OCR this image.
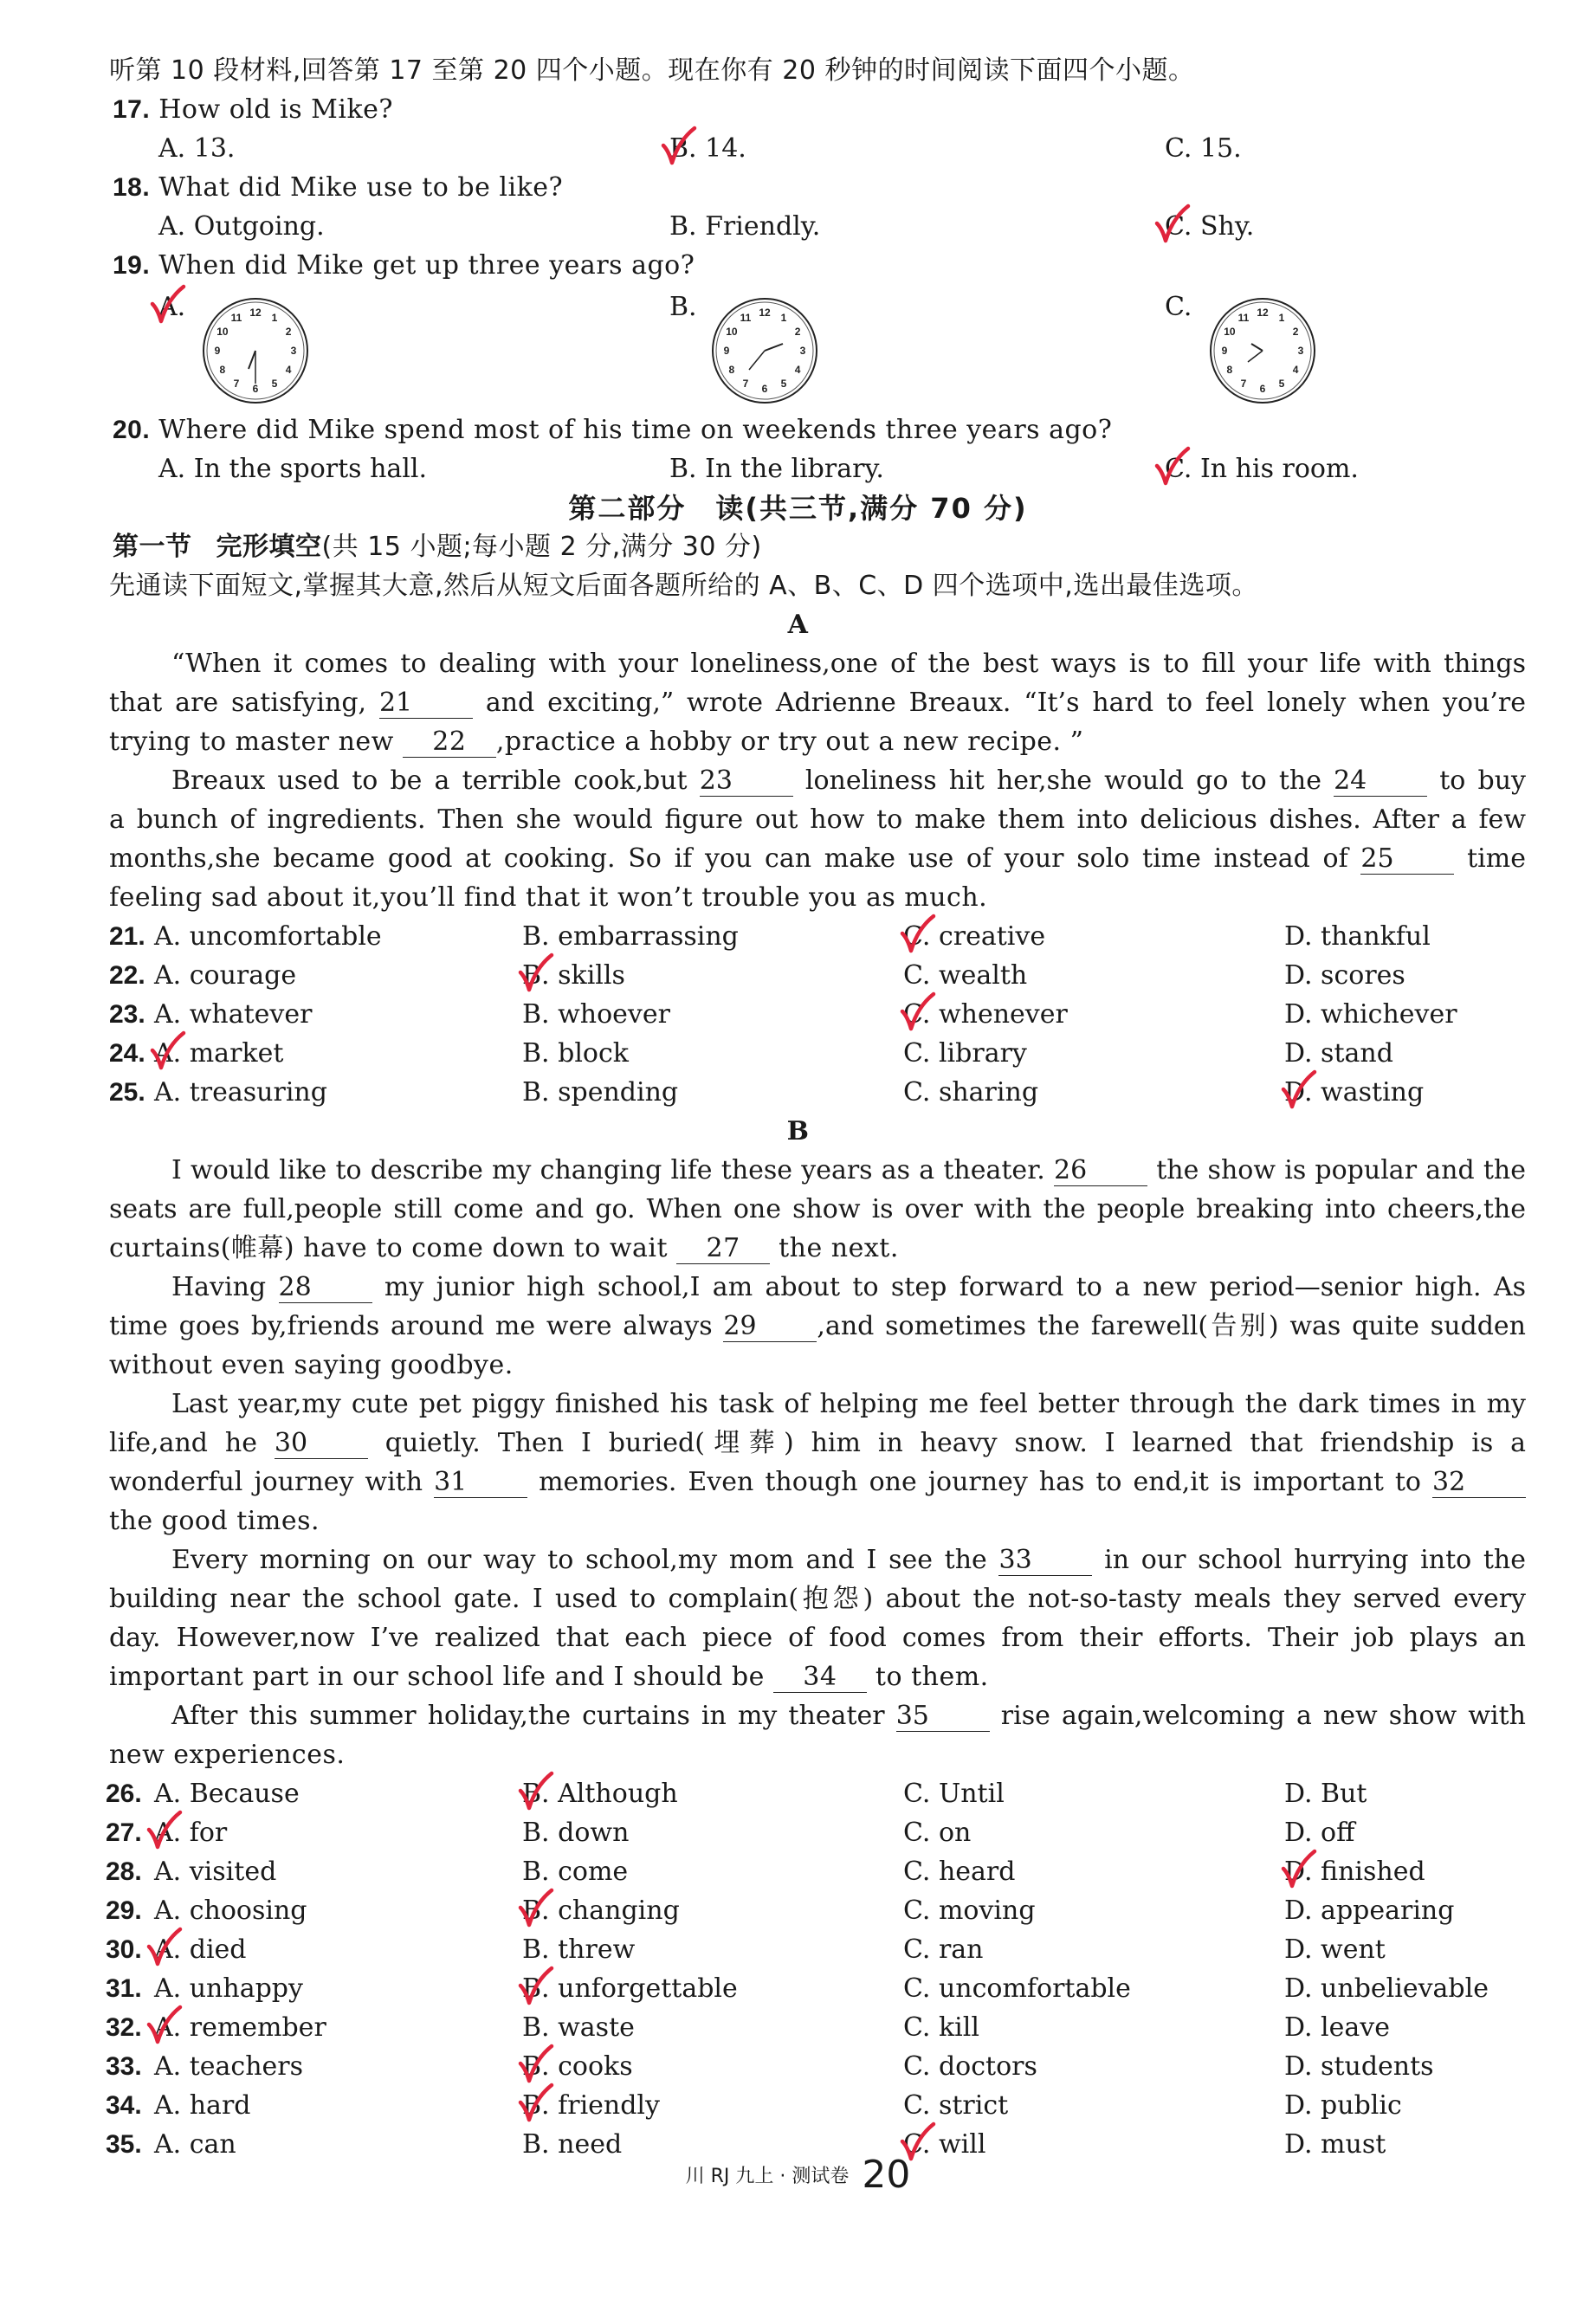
听第 10 段材料,回答第 17 至第 20 四个小题。现在你有 20 秒钟的时间阅读下面四个小题。
17. How old is Mike?
A. 13.	B. 14.	C. 15.
18. What did Mike use to be like?
A. Outgoing.	B. Friendly.	C. Shy.
19. When did Mike get up three years ago?
A.	B.	C.
12 1
2
3
4
5
6
7
8
9
10
11	12 1
2
3
4
5
6
7
8
9
10
11	12 1
2
3
4
5
6
7
8
9
10
11
20. Where did Mike spend most of his time on weekends three years ago?
A. In the sports hall.	B. In the library.	C. In his room.
第二部分　读(共三节,满分 70 分)
第一节 完形填空(共 15 小题;每小题 2 分,满分 30 分)
先通读下面短文,掌握其大意,然后从短文后面各题所给的 A、B、C、D 四个选项中,选出最佳选项。
A
“When it comes to dealing with your loneliness,one of the best ways is to fill your life with things
that are satisfying, 21	and exciting,” wrote Adrienne Breaux. “It’s hard to feel lonely when you’re
trying to master new 22 ,practice a hobby or try out a new recipe. ”
Breaux used to be a terrible cook,but 23	loneliness hit her,she would go to the 24	to buy
a bunch of ingredients. Then she would figure out how to make them into delicious dishes. After a few
months,she became good at cooking. So if you can make use of your solo time instead of 25	time
feeling sad about it,you’ll find that it won’t trouble you as much.
21. A. uncomfortable	B. embarrassing	C. creative	D. thankful
22. A. courage	B. skills	C. wealth	D. scores
23. A. whatever	B. whoever	C. whenever	D. whichever
24. A. market	B. block	C. library	D. stand
25. A. treasuring	B. spending	C. sharing	D. wasting
B
I would like to describe my changing life these years as a theater. 26	the show is popular and the
seats are full,people still come and go. When one show is over with the people breaking into cheers,the
curtains(帷幕) have to come down to wait 27 the next.
Having 28	my junior high school,I am about to step forward to a new period—senior high. As
time goes by,friends around me were always 29 ,and sometimes the farewell(告别) was quite sudden
without even saying goodbye.
Last year,my cute pet piggy finished his task of helping me feel better through the dark times in my
life,and he 30	quietly. Then I buried(埋葬) him in heavy snow. I learned that friendship is a
wonderful journey with 31	memories. Even though one journey has to end,it is important to 32
the good times.
Every morning on our way to school,my mom and I see the 33	in our school hurrying into the
building near the school gate. I used to complain(抱怨) about the not-so-tasty meals they served every
day. However,now I’ve realized that each piece of food comes from their efforts. Their job plays an
important part in our school life and I should be 34 to them.
After this summer holiday,the curtains in my theater 35	rise again,welcoming a new show with
new experiences.
26. A. Because	B. Although	C. Until	D. But
27. A. for	B. down	C. on	D. off
28. A. visited	B. come	C. heard	D. finished
29. A. choosing	B. changing	C. moving	D. appearing
30. A. died	B. threw	C. ran	D. went
31. A. unhappy	B. unforgettable	C. uncomfortable	D. unbelievable
32. A. remember	B. waste	C. kill	D. leave
33. A. teachers	B. cooks	C. doctors	D. students
34. A. hard	B. friendly	C. strict	D. public
35. A. can	B. need	C. will	D. must
川 RJ 九上 · 测试卷 20
